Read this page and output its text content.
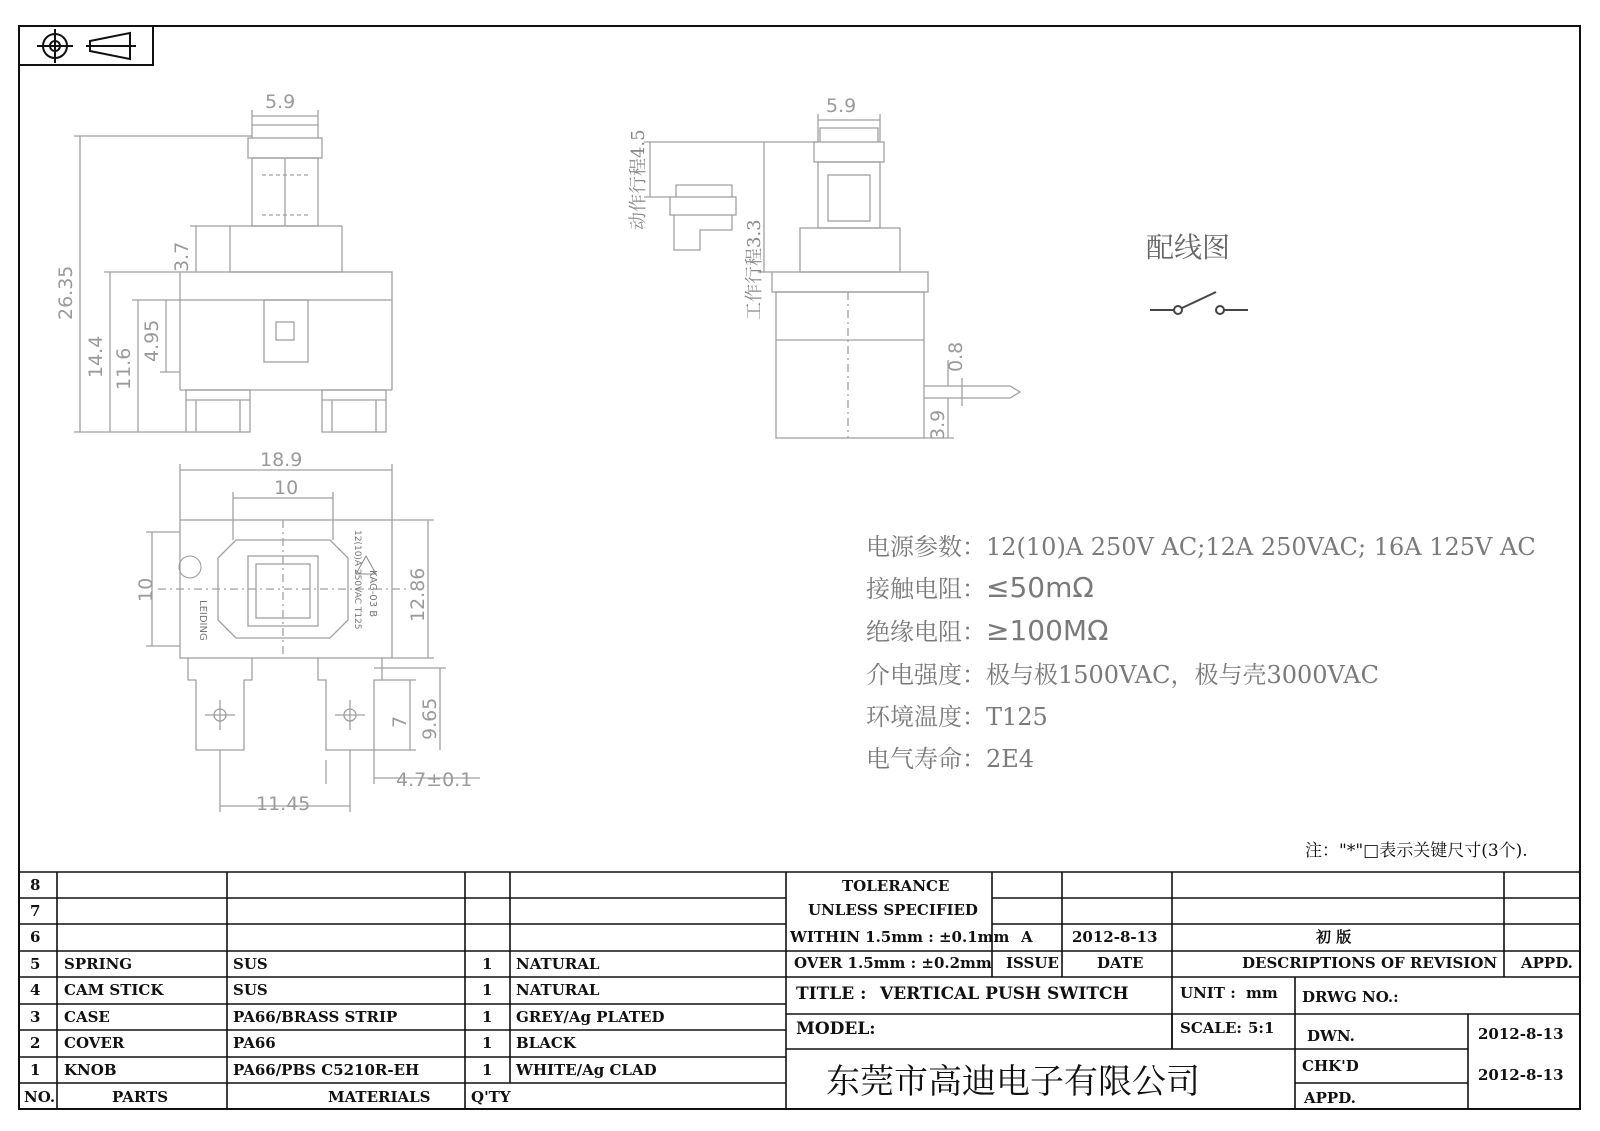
5.9
26.35
3.7
14.4 11.6
4.95
18.9
10
10	12.86
7 9.65
4.7±0.1
11.45
LEIDING	12(10)A 250VAC T125 KAG-03 B
5.9
动作行程4.5
工作行程3.3
0.8
3.9
配线图
电源参数：12(10)A 250V AC;12A 250VAC; 16A 125V AC
接触电阻：≤50mΩ
绝缘电阻：≥100MΩ
介电强度：极与极1500VAC，极与壳3000VAC
环境温度：T125
电气寿命：2E4
注："*"□表示关键尺寸(3个).
8
7
6
5 SPRING	SUS	1 NATURAL
4 CAM STICK	SUS	1 NATURAL
3 CASE	PA66/BRASS STRIP	1 GREY/Ag PLATED
2 COVER	PA66	1 BLACK
1 KNOB	PA66/PBS C5210R-EH	1 WHITE/Ag CLAD
NO.	PARTS	MATERIALS	Q'TY
TOLERANCE
UNLESS SPECIFIED
WITHIN 1.5mm : ±0.1mm
OVER 1.5mm : ±0.2mm
A	2012-8-13	初 版
ISSUE	DATE	DESCRIPTIONS OF REVISION APPD.
TITLE : VERTICAL PUSH SWITCH	UNIT : mm DRWG NO.:
MODEL:	SCALE: 5:1 DWN.	2012-8-13
CHK'D	2012-8-13
APPD.
东莞市高迪电子有限公司
